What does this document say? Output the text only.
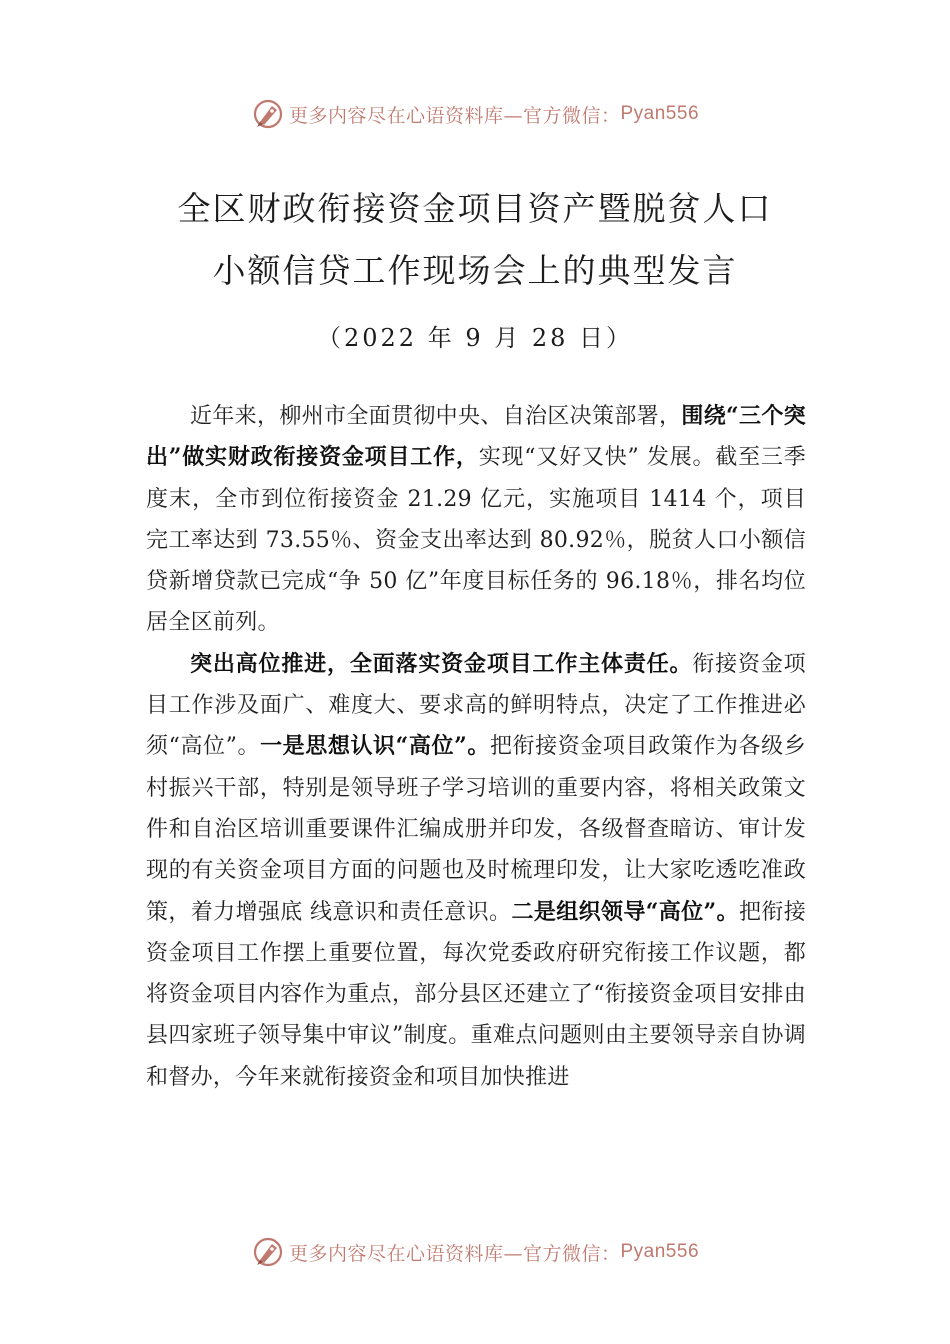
更多内容尽在心语资料库—官方微信： Pyan556
全区财政衔接资金项目资产暨脱贫人口
小额信贷工作现场会上的典型发言
（2022 年 9 月 28 日）

近年来，柳州市全面贯彻中央、自治区决策部署，围绕“三个突出”做实财政衔接资金项目工作，实现“又好又快” 发展。截至三季度末，全市到位衔接资金 21.29 亿元，实施项目 1414 个，项目完工率达到 73.55％、资金支出率达到 80.92％，脱贫人口小额信贷新增贷款已完成“争 50 亿”年度目标任务的 96.18％，排名均位居全区前列。

突出高位推进，全面落实资金项目工作主体责任。衔接资金项目工作涉及面广、难度大、要求高的鲜明特点，决定了工作推进必须“高位”。一是思想认识“高位”。把衔接资金项目政策作为各级乡村振兴干部，特别是领导班子学习培训的重要内容，将相关政策文件和自治区培训重要课件汇编成册并印发，各级督查暗访、审计发现的有关资金项目方面的问题也及时梳理印发，让大家吃透吃准政策，着力增强底 线意识和责任意识。二是组织领导“高位”。把衔接资金项目工作摆上重要位置，每次党委政府研究衔接工作议题，都将资金项目内容作为重点，部分县区还建立了“衔接资金项目安排由县四家班子领导集中审议”制度。重难点问题则由主要领导亲自协调和督办，今年来就衔接资金和项目加快推进

更多内容尽在心语资料库—官方微信： Pyan556
